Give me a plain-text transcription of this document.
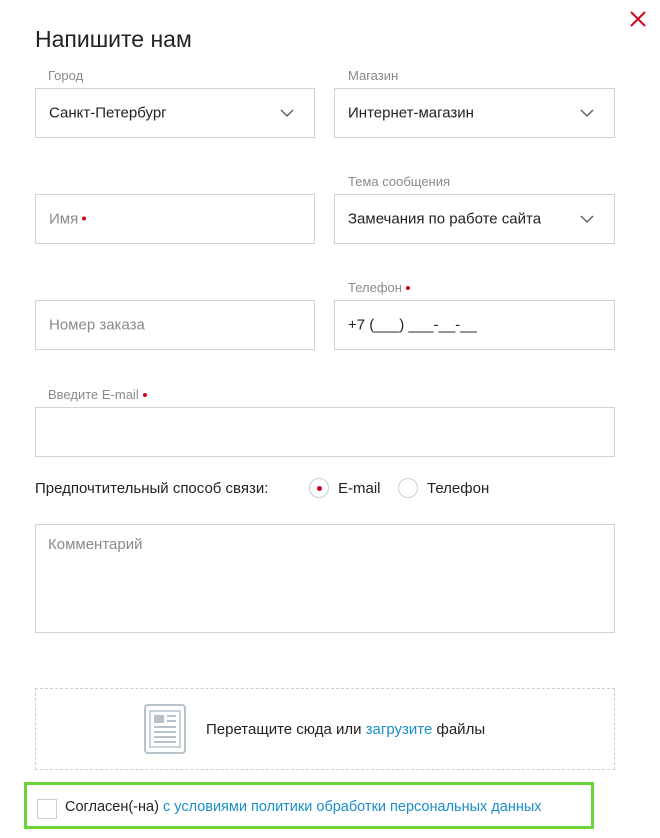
Напишите нам
Город
Санкт-Петербург
Магазин
Интернет-магазин
Имя
Тема сообщения
Замечания по работе сайта
Номер заказа
Телефон
+7 (___) ___-__-__
Введите E-mail
Предпочтительный способ связи:	E-mail	Телефон
Комментарий
Перетащите сюда или загрузите файлы
Согласен(-на) с условиями политики обработки персональных данных
